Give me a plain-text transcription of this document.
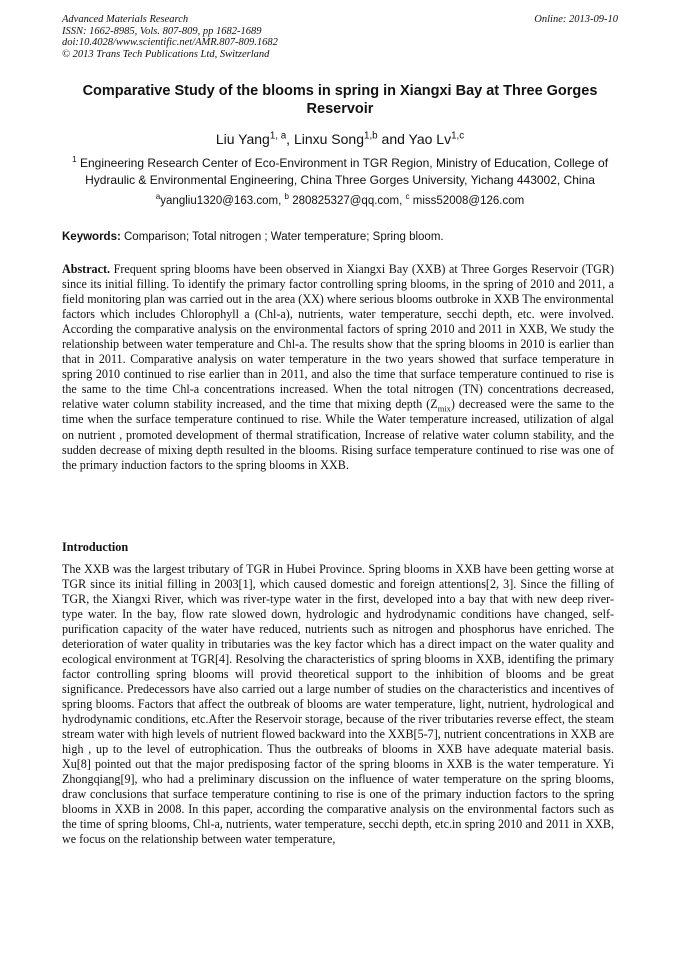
Advanced Materials Research
ISSN: 1662-8985, Vols. 807-809, pp 1682-1689
doi:10.4028/www.scientific.net/AMR.807-809.1682
© 2013 Trans Tech Publications Ltd, Switzerland
Online: 2013-09-10
Comparative Study of the blooms in spring in Xiangxi Bay at Three Gorges Reservoir
Liu Yang$^{1, a}$, Linxu Song$^{1,b}$ and Yao Lv$^{1,c}$
$^1$ Engineering Research Center of Eco-Environment in TGR Region, Ministry of Education, College of Hydraulic & Environmental Engineering, China Three Gorges University, Yichang 443002, China
$^a$yangliu1320@163.com, $^b$ 280825327@qq.com, $^c$ miss52008@126.com
Keywords: Comparison; Total nitrogen ; Water temperature; Spring bloom.
Abstract. Frequent spring blooms have been observed in Xiangxi Bay (XXB) at Three Gorges Reservoir (TGR) since its initial filling. To identify the primary factor controlling spring blooms, in the spring of 2010 and 2011, a field monitoring plan was carried out in the area (XX) where serious blooms outbroke in XXB The environmental factors which includes Chlorophyll a (Chl-a), nutrients, water temperature, secchi depth, etc. were involved. According the comparative analysis on the environmental factors of spring 2010 and 2011 in XXB, We study the relationship between water temperature and Chl-a. The results show that the spring blooms in 2010 is earlier than that in 2011. Comparative analysis on water temperature in the two years showed that surface temperature in spring 2010 continued to rise earlier than in 2011, and also the time that surface temperature continued to rise is the same to the time Chl-a concentrations increased. When the total nitrogen (TN) concentrations decreased, relative water column stability increased, and the time that mixing depth $(Z_{mix})$ decreased were the same to the time when the surface temperature continued to rise. While the Water temperature increased, utilization of algal on nutrient , promoted development of thermal stratification, Increase of relative water column stability, and the sudden decrease of mixing depth resulted in the blooms. Rising surface temperature continued to rise was one of the primary induction factors to the spring blooms in XXB.
Introduction
The XXB was the largest tributary of TGR in Hubei Province. Spring blooms in XXB have been getting worse at TGR since its initial filling in 2003[1], which caused domestic and foreign attentions[2, 3]. Since the filling of TGR, the Xiangxi River, which was river-type water in the first, developed into a bay that with new deep river-type water. In the bay, flow rate slowed down, hydrologic and hydrodynamic conditions have changed, self-purification capacity of the water have reduced, nutrients such as nitrogen and phosphorus have enriched. The deterioration of water quality in tributaries was the key factor which has a direct impact on the water quality and ecological environment at TGR[4]. Resolving the characteristics of spring blooms in XXB, identifing the primary factor controlling spring blooms will provid theoretical support to the inhibition of blooms and be great significance. Predecessors have also carried out a large number of studies on the characteristics and incentives of spring blooms. Factors that affect the outbreak of blooms are water temperature, light, nutrient, hydrological and hydrodynamic conditions, etc.After the Reservoir storage, because of the river tributaries reverse effect, the steam stream water with high levels of nutrient flowed backward into the XXB[5-7], nutrient concentrations in XXB are high , up to the level of eutrophication. Thus the outbreaks of blooms in XXB have adequate material basis. Xu[8] pointed out that the major predisposing factor of the spring blooms in XXB is the water temperature. Yi Zhongqiang[9], who had a preliminary discussion on the influence of water temperature on the spring blooms, draw conclusions that surface temperature contining to rise is one of the primary induction factors to the spring blooms in XXB in 2008. In this paper, according the comparative analysis on the environmental factors such as the time of spring blooms, Chl-a, nutrients, water temperature, secchi depth, etc.in spring 2010 and 2011 in XXB, we focus on the relationship between water temperature,
